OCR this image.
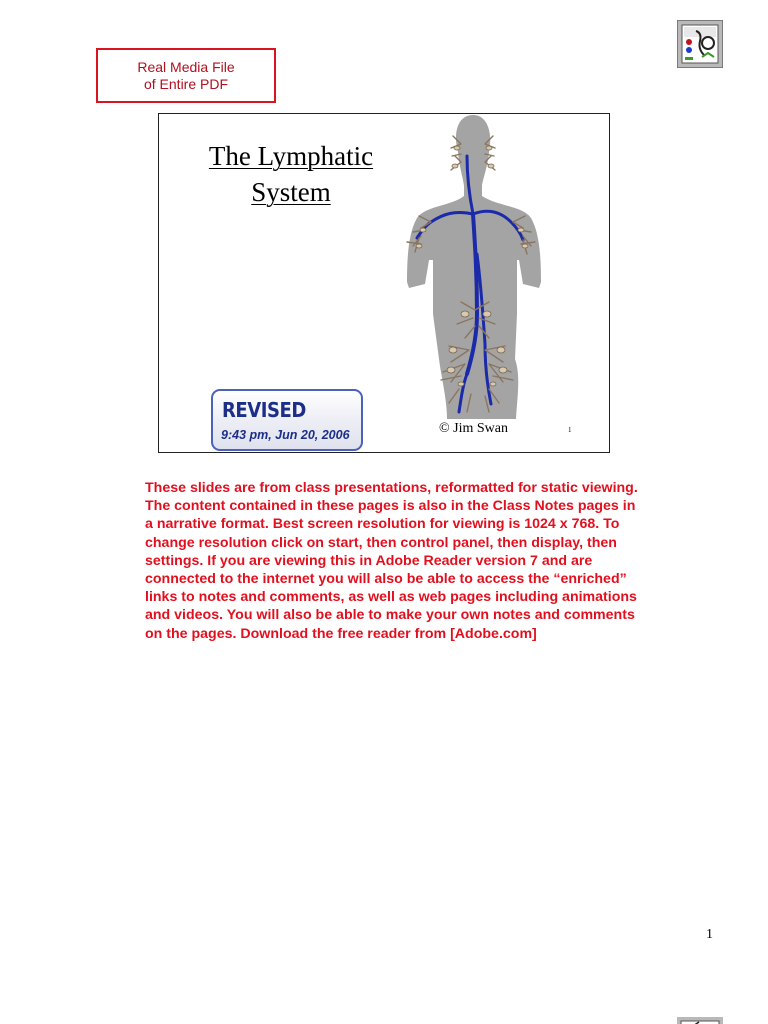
Real Media File
of Entire PDF
The Lymphatic
System
REVISED
9:43 pm, Jun 20, 2006	© Jim Swan	1
These slides are from class presentations, reformatted for static viewing. The content contained in these pages is also in the Class Notes pages in a narrative format. Best screen resolution for viewing is 1024 x 768. To change resolution click on start, then control panel, then display, then settings. If you are viewing this in Adobe Reader version 7 and are connected to the internet you will also be able to access the “enriched” links to notes and comments, as well as web pages including animations and videos. You will also be able to make your own notes and comments on the pages. Download the free reader from [Adobe.com]
1
